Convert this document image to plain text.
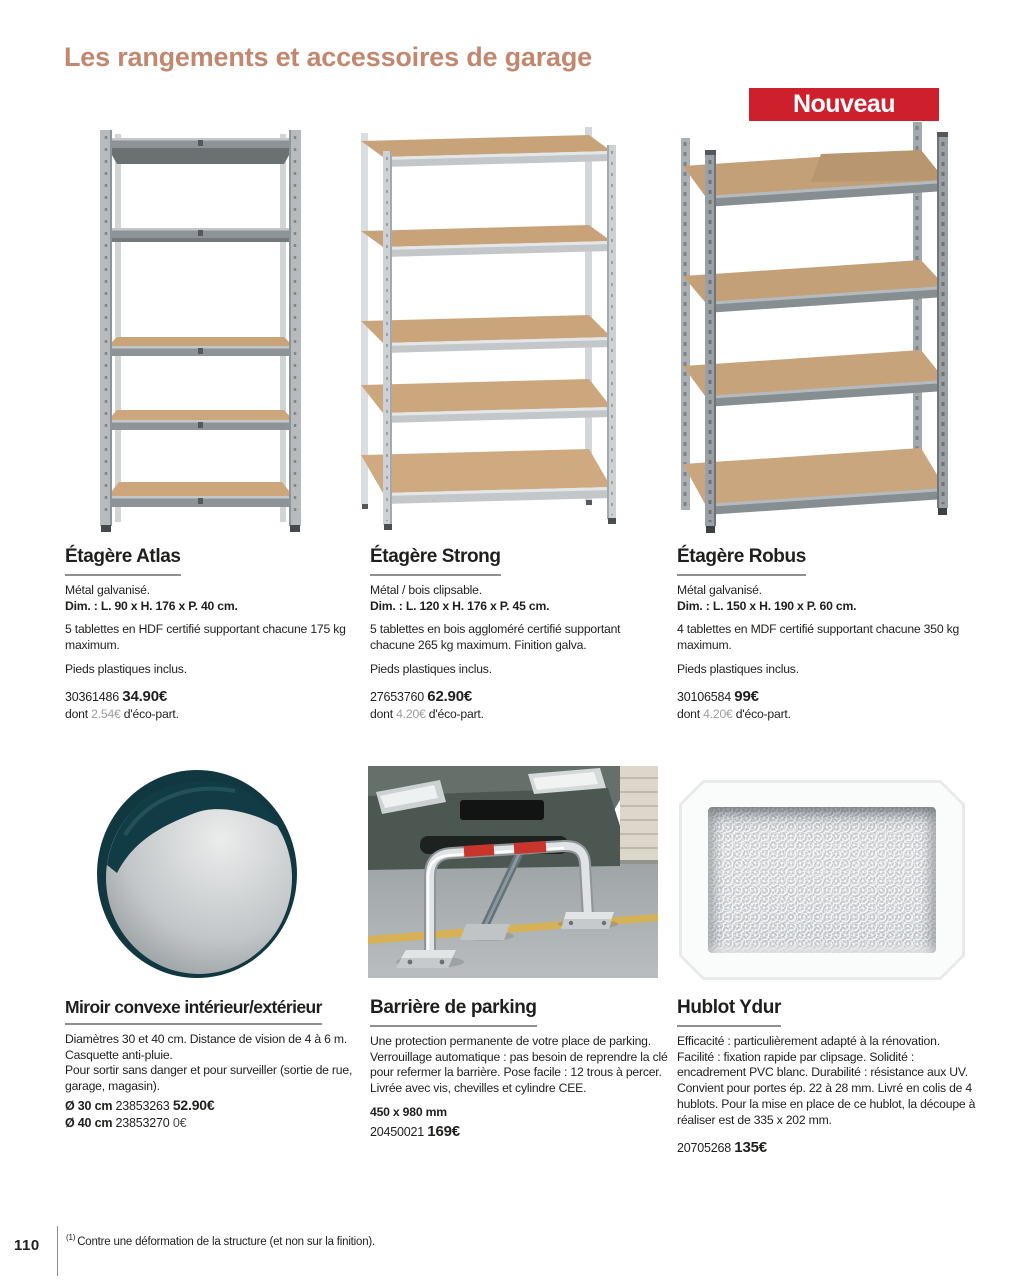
Les rangements et accessoires de garage
Nouveau
Étagère Atlas

Métal galvanisé.

Dim. : L. 90 x H. 176 x P. 40 cm.

5 tablettes en HDF certifié supportant chacune 175 kg maximum.

Pieds plastiques inclus.

30361486 34.90€
dont 2.54€ d'éco-part.
Étagère Strong

Métal / bois clipsable.

Dim. : L. 120 x H. 176 x P. 45 cm.

5 tablettes en bois aggloméré certifié supportant chacune 265 kg maximum. Finition galva.

Pieds plastiques inclus.

27653760 62.90€
dont 4.20€ d'éco-part.
Étagère Robus

Métal galvanisé.

Dim. : L. 150 x H. 190 x P. 60 cm.

4 tablettes en MDF certifié supportant chacune 350 kg maximum.

Pieds plastiques inclus.

30106584 99€
dont 4.20€ d'éco-part.
Miroir convexe intérieur/extérieur

Diamètres 30 et 40 cm. Distance de vision de 4 à 6 m. Casquette anti-pluie.

Pour sortir sans danger et pour surveiller (sortie de rue, garage, magasin).

Ø 30 cm 23853263 52.90€
Ø 40 cm 23853270 0€
Barrière de parking

Une protection permanente de votre place de parking. Verrouillage automatique : pas besoin de reprendre la clé pour refermer la barrière. Pose facile : 12 trous à percer. Livrée avec vis, chevilles et cylindre CEE.

450 x 980 mm

20450021 169€
Hublot Ydur

Efficacité : particulièrement adapté à la rénovation. Facilité : fixation rapide par clipsage. Solidité : encadrement PVC blanc. Durabilité : résistance aux UV. Convient pour portes ép. 22 à 28 mm. Livré en colis de 4 hublots. Pour la mise en place de ce hublot, la découpe à réaliser est de 335 x 202 mm.

20705268 135€
110	$^{(1)}$ Contre une déformation de la structure (et non sur la finition).
